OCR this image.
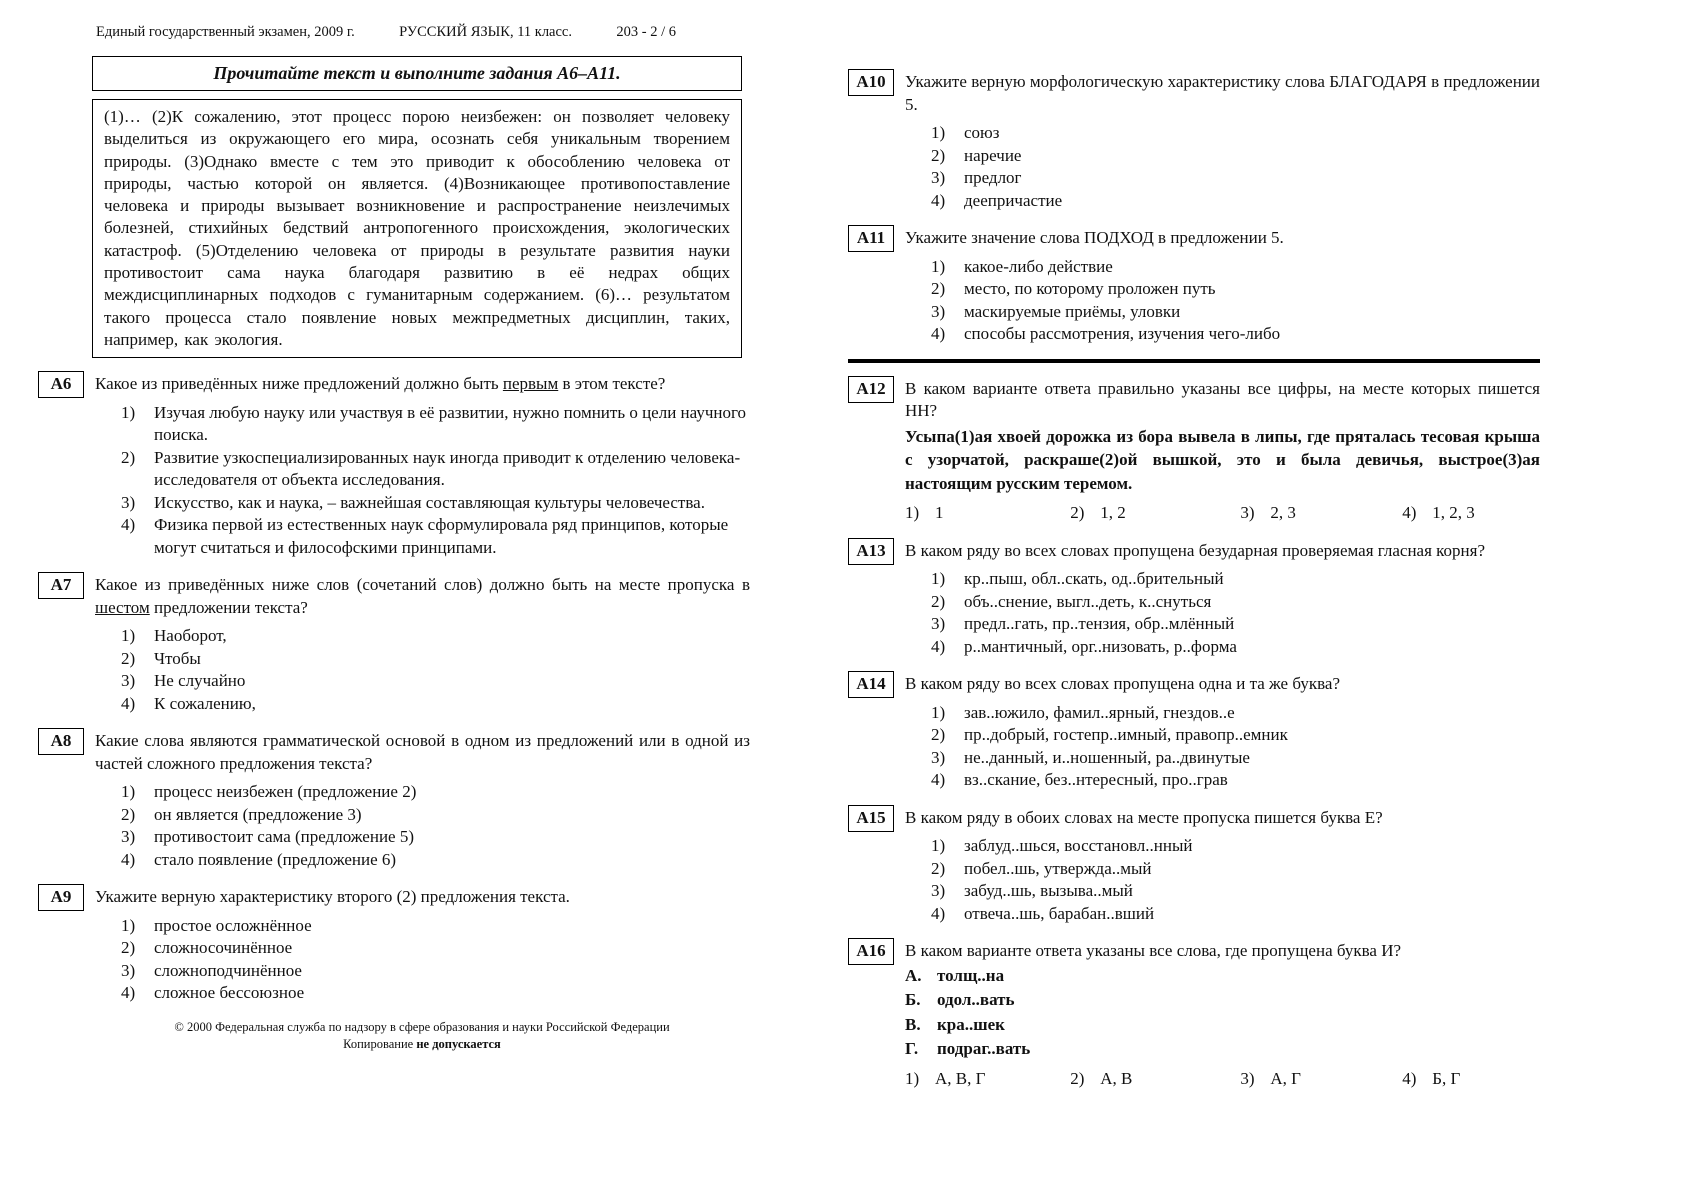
Единый государственный экзамен, 2009 г.	РУССКИЙ ЯЗЫК, 11 класс.	203 - 2 / 6
Прочитайте текст и выполните задания А6–А11.
(1)… (2)К сожалению, этот процесс порою неизбежен: он позволяет человеку выделиться из окружающего его мира, осознать себя уникальным творением природы. (3)Однако вместе с тем это приводит к обособлению человека от природы, частью которой он является. (4)Возникающее противопоставление человека и природы вызывает возникновение и распространение неизлечимых болезней, стихийных бедствий антропогенного происхождения, экологических катастроф. (5)Отделению человека от природы в результате развития науки противостоит сама наука благодаря развитию в её недрах общих междисциплинарных подходов с гуманитарным содержанием. (6)… результатом такого процесса стало появление новых межпредметных дисциплин, таких, например, как экология.
А6	Какое из приведённых ниже предложений должно быть первым в этом тексте?
1)	Изучая любую науку или участвуя в её развитии, нужно помнить о цели научного поиска.
2)	Развитие узкоспециализированных наук иногда приводит к отделению человека-исследователя от объекта исследования.
3)	Искусство, как и наука, – важнейшая составляющая культуры человечества.
4)	Физика первой из естественных наук сформулировала ряд принципов, которые могут считаться и философскими принципами.
А7	Какое из приведённых ниже слов (сочетаний слов) должно быть на месте пропуска в шестом предложении текста?
1)	Наоборот,
2)	Чтобы
3)	Не случайно
4)	К сожалению,
А8	Какие слова являются грамматической основой в одном из предложений или в одной из частей сложного предложения текста?
1)	процесс неизбежен (предложение 2)
2)	он является (предложение 3)
3)	противостоит сама (предложение 5)
4)	стало появление (предложение 6)
А9	Укажите верную характеристику второго (2) предложения текста.
1)	простое осложнённое
2)	сложносочинённое
3)	сложноподчинённое
4)	сложное бессоюзное
© 2000 Федеральная служба по надзору в сфере образования и науки Российской Федерации
Копирование не допускается
А10	Укажите верную морфологическую характеристику слова БЛАГОДАРЯ в предложении 5.
1)	союз
2)	наречие
3)	предлог
4)	деепричастие
А11	Укажите значение слова ПОДХОД в предложении 5.
1)	какое-либо действие
2)	место, по которому проложен путь
3)	маскируемые приёмы, уловки
4)	способы рассмотрения, изучения чего-либо
А12	В каком варианте ответа правильно указаны все цифры, на месте которых пишется НН?
Усыпа(1)ая хвоей дорожка из бора вывела в липы, где пряталась тесовая крыша с узорчатой, раскраше(2)ой вышкой, это и была девичья, выстрое(3)ая настоящим русским теремом.
1) 1	2) 1, 2	3) 2, 3	4) 1, 2, 3
А13	В каком ряду во всех словах пропущена безударная проверяемая гласная корня?
1)	кр..пыш, обл..скать, од..брительный
2)	объ..снение, выгл..деть, к..снуться
3)	предл..гать, пр..тензия, обр..млённый
4)	р..мантичный, орг..низовать, р..форма
А14	В каком ряду во всех словах пропущена одна и та же буква?
1)	зав..южило, фамил..ярный, гнездов..е
2)	пр..добрый, гостепр..имный, правопр..емник
3)	не..данный, и..ношенный, ра..двинутые
4)	вз..скание, без..нтересный, про..грав
А15	В каком ряду в обоих словах на месте пропуска пишется буква Е?
1)	заблуд..шься, восстановл..нный
2)	побел..шь, утвержда..мый
3)	забуд..шь, вызыва..мый
4)	отвеча..шь, барабан..вший
А16	В каком варианте ответа указаны все слова, где пропущена буква И?
А. толщ..на
Б. одол..вать
В. кра..шек
Г.	подраг..вать
1) А, В, Г	2) А, В	3) А, Г	4) Б, Г
